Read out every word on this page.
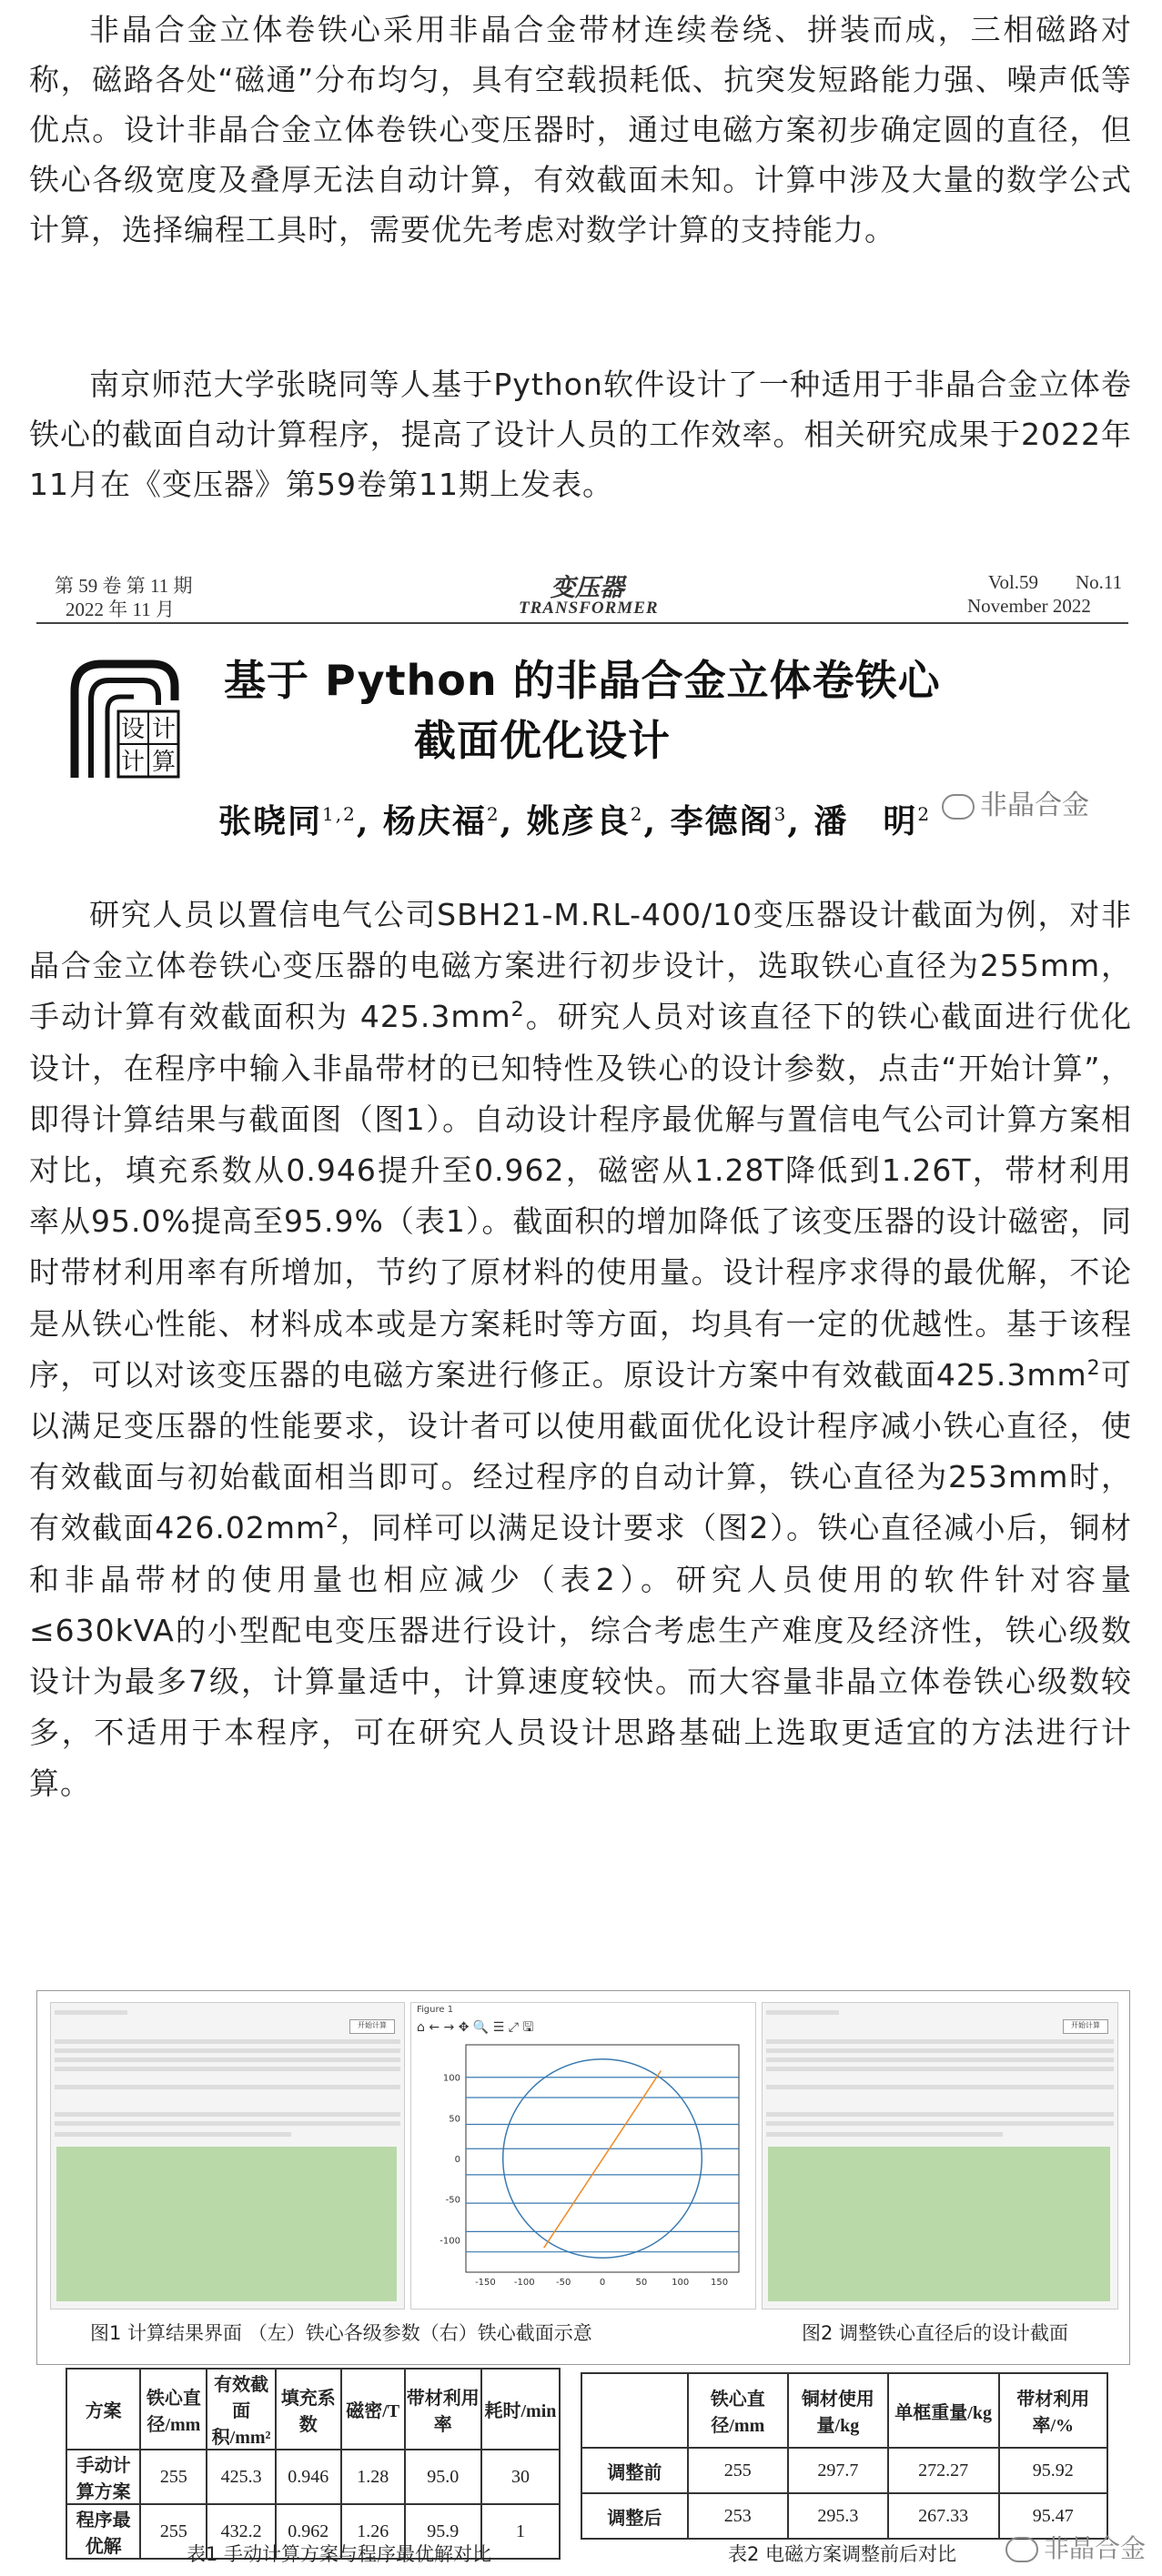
非晶合金立体卷铁心采用非晶合金带材连续卷绕、拼装而成，三相磁路对称，磁路各处“磁通”分布均匀，具有空载损耗低、抗突发短路能力强、噪声低等优点。设计非晶合金立体卷铁心变压器时，通过电磁方案初步确定圆的直径，但铁心各级宽度及叠厚无法自动计算，有效截面未知。计算中涉及大量的数学公式计算，选择编程工具时，需要优先考虑对数学计算的支持能力。

南京师范大学张晓同等人基于Python软件设计了一种适用于非晶合金立体卷铁心的截面自动计算程序，提高了设计人员的工作效率。相关研究成果于2022年11月在《变压器》第59卷第11期上发表。

第 59 卷 第 11 期
2022 年 11 月
变压器
TRANSFORMER
Vol.59 No.11
November 2022
设 计
计 算
基于 Python 的非晶合金立体卷铁心
截面优化设计
张晓同$^{1,2}$, 杨庆福$^2$, 姚彦良$^2$, 李德阁$^3$, 潘　明$^2$	非晶合金

研究人员以置信电气公司SBH21-M.RL-400/10变压器设计截面为例，对非晶合金立体卷铁心变压器的电磁方案进行初步设计，选取铁心直径为255mm，手动计算有效截面积为 $425.3mm^2$。研究人员对该直径下的铁心截面进行优化设计，在程序中输入非晶带材的已知特性及铁心的设计参数，点击“开始计算”，即得计算结果与截面图（图1）。自动设计程序最优解与置信电气公司计算方案相对比，填充系数从0.946提升至0.962，磁密从1.28T降低到1.26T，带材利用率从95.0%提高至95.9%（表1）。截面积的增加降低了该变压器的设计磁密，同时带材利用率有所增加，节约了原材料的使用量。设计程序求得的最优解，不论是从铁心性能、材料成本或是方案耗时等方面，均具有一定的优越性。基于该程序，可以对该变压器的电磁方案进行修正。原设计方案中有效截面$425.3mm^2$可以满足变压器的性能要求，设计者可以使用截面优化设计程序减小铁心直径，使有效截面与初始截面相当即可。经过程序的自动计算，铁心直径为253mm时，有效截面$426.02mm^2$，同样可以满足设计要求（图2）。铁心直径减小后，铜材和非晶带材的使用量也相应减少（表2）。研究人员使用的软件针对容量≤630kVA的小型配电变压器进行设计，综合考虑生产难度及经济性，铁心级数设计为最多7级，计算量适中，计算速度较快。而大容量非晶立体卷铁心级数较多，不适用于本程序，可在研究人员设计思路基础上选取更适宜的方法进行计算。

开始计算
Figure 1
⌂ ← → ✥ 🔍 ☰ ⤢ 🖫
100
50
0
-50
-100
-150 -100 -50	0	50	100 150
开始计算
图1 计算结果界面 （左）铁心各级参数（右）铁心截面示意	图2 调整铁心直径后的设计截面
方案	铁心直径/mm	有效截面积/mm²	填充系数	磁密/T	带材利用率	耗时/min
手动计算方案	255	425.3	0.946	1.28	95.0	30
程序最优解	255	432.2	0.962	1.26	95.9	1
表1 手动计算方案与程序最优解对比
	铁心直径/mm	铜材使用量/kg	单框重量/kg	带材利用率/%
调整前	255	297.7	272.27	95.92
调整后	253	295.3	267.33	95.47
表2 电磁方案调整前后对比	非晶合金
